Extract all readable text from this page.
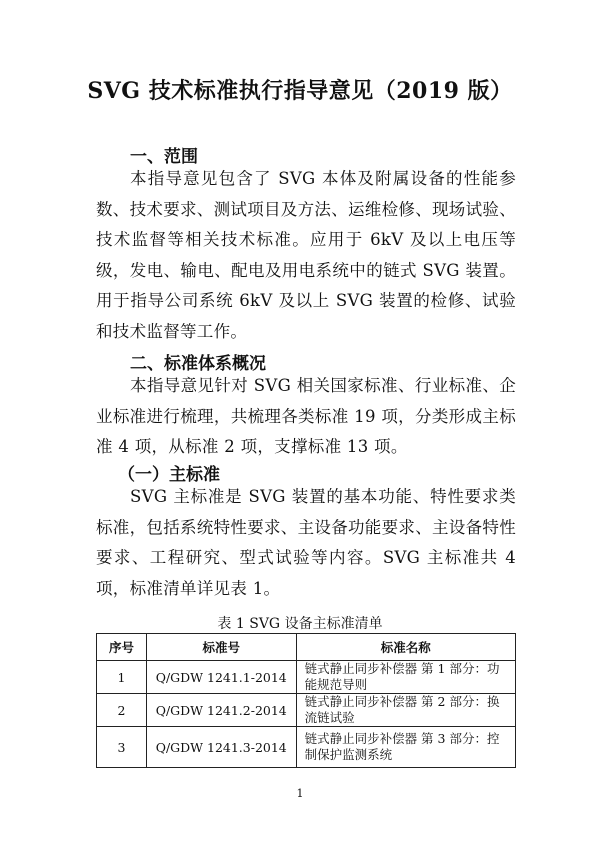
SVG 技术标准执行指导意见（2019 版）
一、范围
本指导意见包含了 SVG 本体及附属设备的性能参数、技术要求、测试项目及方法、运维检修、现场试验、技术监督等相关技术标准。应用于 6kV 及以上电压等级，发电、输电、配电及用电系统中的链式 SVG 装置。用于指导公司系统 6kV 及以上 SVG 装置的检修、试验和技术监督等工作。
二、标准体系概况
本指导意见针对 SVG 相关国家标准、行业标准、企业标准进行梳理，共梳理各类标准 19 项，分类形成主标准 4 项，从标准 2 项，支撑标准 13 项。
（一）主标准
SVG 主标准是 SVG 装置的基本功能、特性要求类标准，包括系统特性要求、主设备功能要求、主设备特性要求、工程研究、型式试验等内容。SVG 主标准共 4 项，标准清单详见表 1。
表 1 SVG 设备主标准清单
序号	标准号	标准名称
1	Q/GDW 1241.1-2014	链式静止同步补偿器 第 1 部分：功能规范导则
2	Q/GDW 1241.2-2014	链式静止同步补偿器 第 2 部分：换流链试验
3	Q/GDW 1241.3-2014	链式静止同步补偿器 第 3 部分：控制保护监测系统
1
